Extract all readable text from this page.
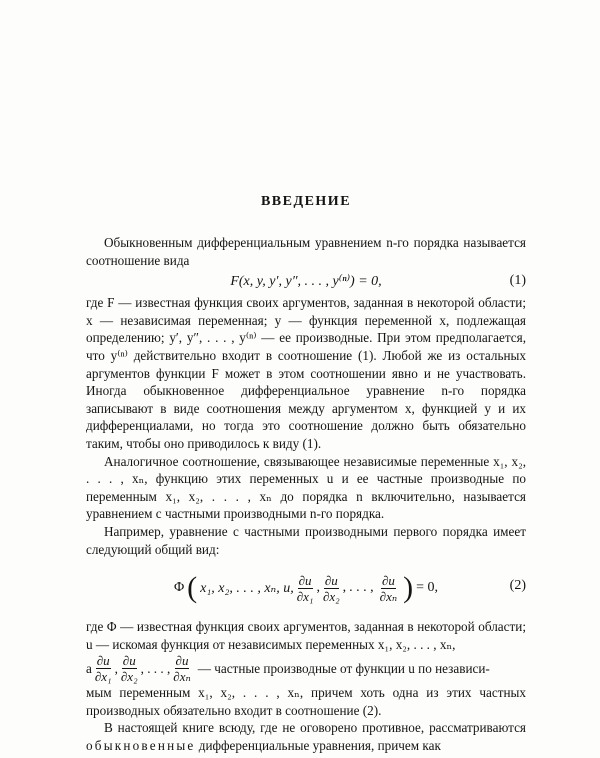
ВВЕДЕНИЕ

Обыкновенным дифференциальным уравнением n-го порядка называется соотношение вида

F(x, y, y′, y″, . . . , y⁽ⁿ⁾) = 0,	(1)

где F — известная функция своих аргументов, заданная в некоторой области; x — независимая переменная; y — функция переменной x, подлежащая определению; y′, y″, . . . , y⁽ⁿ⁾ — ее производные. При этом предполагается, что y⁽ⁿ⁾ действительно входит в соотношение (1). Любой же из остальных аргументов функции F может в этом соотношении явно и не участвовать. Иногда обыкновенное дифференциальное уравнение n-го порядка записывают в виде соотношения между аргументом x, функцией y и их дифференциалами, но тогда это соотношение должно быть обязательно таким, чтобы оно приводилось к виду (1).

Аналогичное соотношение, связывающее независимые переменные x₁, x₂, . . . , xₙ, функцию этих переменных u и ее частные производные по переменным x₁, x₂, . . . , xₙ до порядка n включительно, называется уравнением с частными производными n-го порядка.

Например, уравнение с частными производными первого порядка имеет следующий общий вид:

Φ ( x₁, x₂, . . . , xₙ, u, $\frac{\partial u}{\text{∂x₁}}$ , $\frac{\partial u}{\text{∂x₂}}$ , . . . , $\frac{\partial u}{\text{∂xₙ}}$ ) = 0,	(2)

где Φ — известная функция своих аргументов, заданная в некоторой области; u — искомая функция от независимых переменных x₁, x₂, . . . , xₙ,

а $\frac{\partial u}{\text{∂x₁}}$ , $\frac{\partial u}{\text{∂x₂}}$ , . . . , $\frac{\partial u}{\text{∂xₙ}}$ — частные производные от функции u по независи-

мым переменным x₁, x₂, . . . , xₙ, причем хоть одна из этих частных производных обязательно входит в соотношение (2).

В настоящей книге всюду, где не оговорено противное, рассматриваются обыкновенные дифференциальные уравнения, причем как
